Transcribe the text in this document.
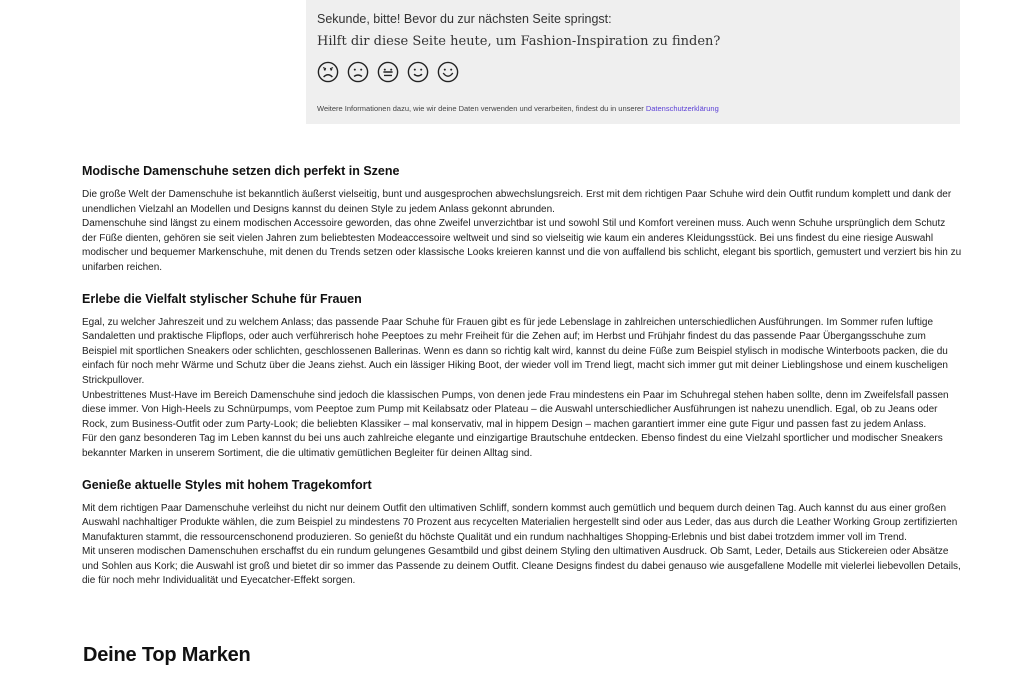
Sekunde, bitte! Bevor du zur nächsten Seite springst:

Hilft dir diese Seite heute, um Fashion-Inspiration zu finden?

Weitere Informationen dazu, wie wir deine Daten verwenden und verarbeiten, findest du in unserer Datenschutzerklärung
Modische Damenschuhe setzen dich perfekt in Szene

Die große Welt der Damenschuhe ist bekanntlich äußerst vielseitig, bunt und ausgesprochen abwechslungsreich. Erst mit dem richtigen Paar Schuhe wird dein Outfit rundum komplett und dank der unendlichen Vielzahl an Modellen und Designs kannst du deinen Style zu jedem Anlass gekonnt abrunden.

Damenschuhe sind längst zu einem modischen Accessoire geworden, das ohne Zweifel unverzichtbar ist und sowohl Stil und Komfort vereinen muss. Auch wenn Schuhe ursprünglich dem Schutz der Füße dienten, gehören sie seit vielen Jahren zum beliebtesten Modeaccessoire weltweit und sind so vielseitig wie kaum ein anderes Kleidungsstück. Bei uns findest du eine riesige Auswahl modischer und bequemer Markenschuhe, mit denen du Trends setzen oder klassische Looks kreieren kannst und die von auffallend bis schlicht, elegant bis sportlich, gemustert und verziert bis hin zu unifarben reichen.

Erlebe die Vielfalt stylischer Schuhe für Frauen

Egal, zu welcher Jahreszeit und zu welchem Anlass; das passende Paar Schuhe für Frauen gibt es für jede Lebenslage in zahlreichen unterschiedlichen Ausführungen. Im Sommer rufen luftige Sandaletten und praktische Flipflops, oder auch verführerisch hohe Peeptoes zu mehr Freiheit für die Zehen auf; im Herbst und Frühjahr findest du das passende Paar Übergangsschuhe zum Beispiel mit sportlichen Sneakers oder schlichten, geschlossenen Ballerinas. Wenn es dann so richtig kalt wird, kannst du deine Füße zum Beispiel stylisch in modische Winterboots packen, die du einfach für noch mehr Wärme und Schutz über die Jeans ziehst. Auch ein lässiger Hiking Boot, der wieder voll im Trend liegt, macht sich immer gut mit deiner Lieblingshose und einem kuscheligen Strickpullover.

Unbestrittenes Must-Have im Bereich Damenschuhe sind jedoch die klassischen Pumps, von denen jede Frau mindestens ein Paar im Schuhregal stehen haben sollte, denn im Zweifelsfall passen diese immer. Von High-Heels zu Schnürpumps, vom Peeptoe zum Pump mit Keilabsatz oder Plateau – die Auswahl unterschiedlicher Ausführungen ist nahezu unendlich. Egal, ob zu Jeans oder Rock, zum Business-Outfit oder zum Party-Look; die beliebten Klassiker – mal konservativ, mal in hippem Design – machen garantiert immer eine gute Figur und passen fast zu jedem Anlass.

Für den ganz besonderen Tag im Leben kannst du bei uns auch zahlreiche elegante und einzigartige Brautschuhe entdecken. Ebenso findest du eine Vielzahl sportlicher und modischer Sneakers bekannter Marken in unserem Sortiment, die die ultimativ gemütlichen Begleiter für deinen Alltag sind.

Genieße aktuelle Styles mit hohem Tragekomfort

Mit dem richtigen Paar Damenschuhe verleihst du nicht nur deinem Outfit den ultimativen Schliff, sondern kommst auch gemütlich und bequem durch deinen Tag. Auch kannst du aus einer großen Auswahl nachhaltiger Produkte wählen, die zum Beispiel zu mindestens 70 Prozent aus recycelten Materialien hergestellt sind oder aus Leder, das aus durch die Leather Working Group zertifizierten Manufakturen stammt, die ressourcenschonend produzieren. So genießt du höchste Qualität und ein rundum nachhaltiges Shopping-Erlebnis und bist dabei trotzdem immer voll im Trend.

Mit unseren modischen Damenschuhen erschaffst du ein rundum gelungenes Gesamtbild und gibst deinem Styling den ultimativen Ausdruck. Ob Samt, Leder, Details aus Stickereien oder Absätze und Sohlen aus Kork; die Auswahl ist groß und bietet dir so immer das Passende zu deinem Outfit. Cleane Designs findest du dabei genauso wie ausgefallene Modelle mit vielerlei liebevollen Details, die für noch mehr Individualität und Eyecatcher-Effekt sorgen.

Deine Top Marken
